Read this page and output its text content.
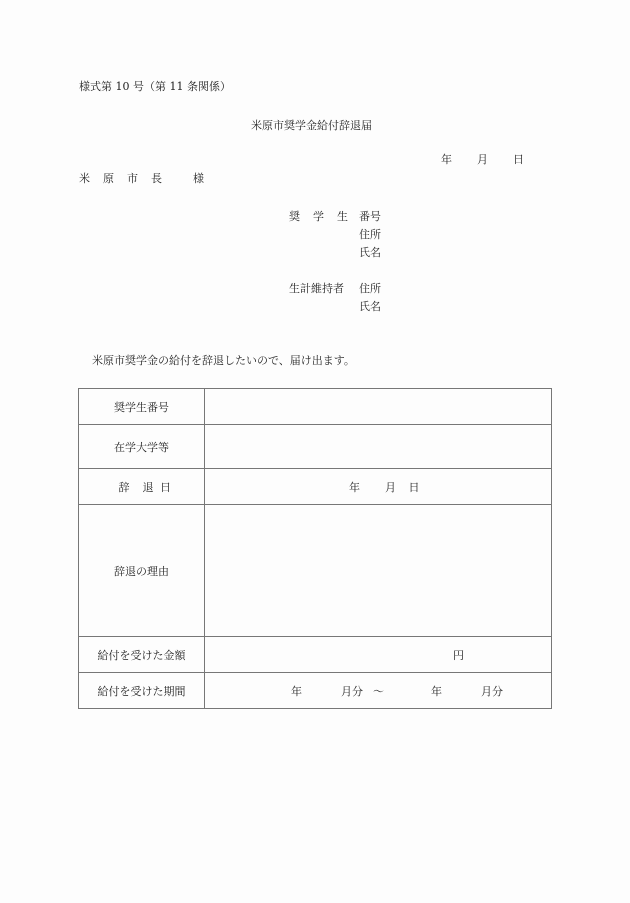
様式第 10 号（第 11 条関係）
米原市奨学金給付辞退届
年 月 日
米 原 市 長	様
奨 学 生 番号
住所
氏名
生計維持者 住所
氏名
米原市奨学金の給付を辞退したいので、届け出ます。
奨学生番号	
在学大学等	
辞 退 日	年 月 日
辞退の理由	
給付を受けた金額	円
給付を受けた期間	年 月分 ～ 年 月分
